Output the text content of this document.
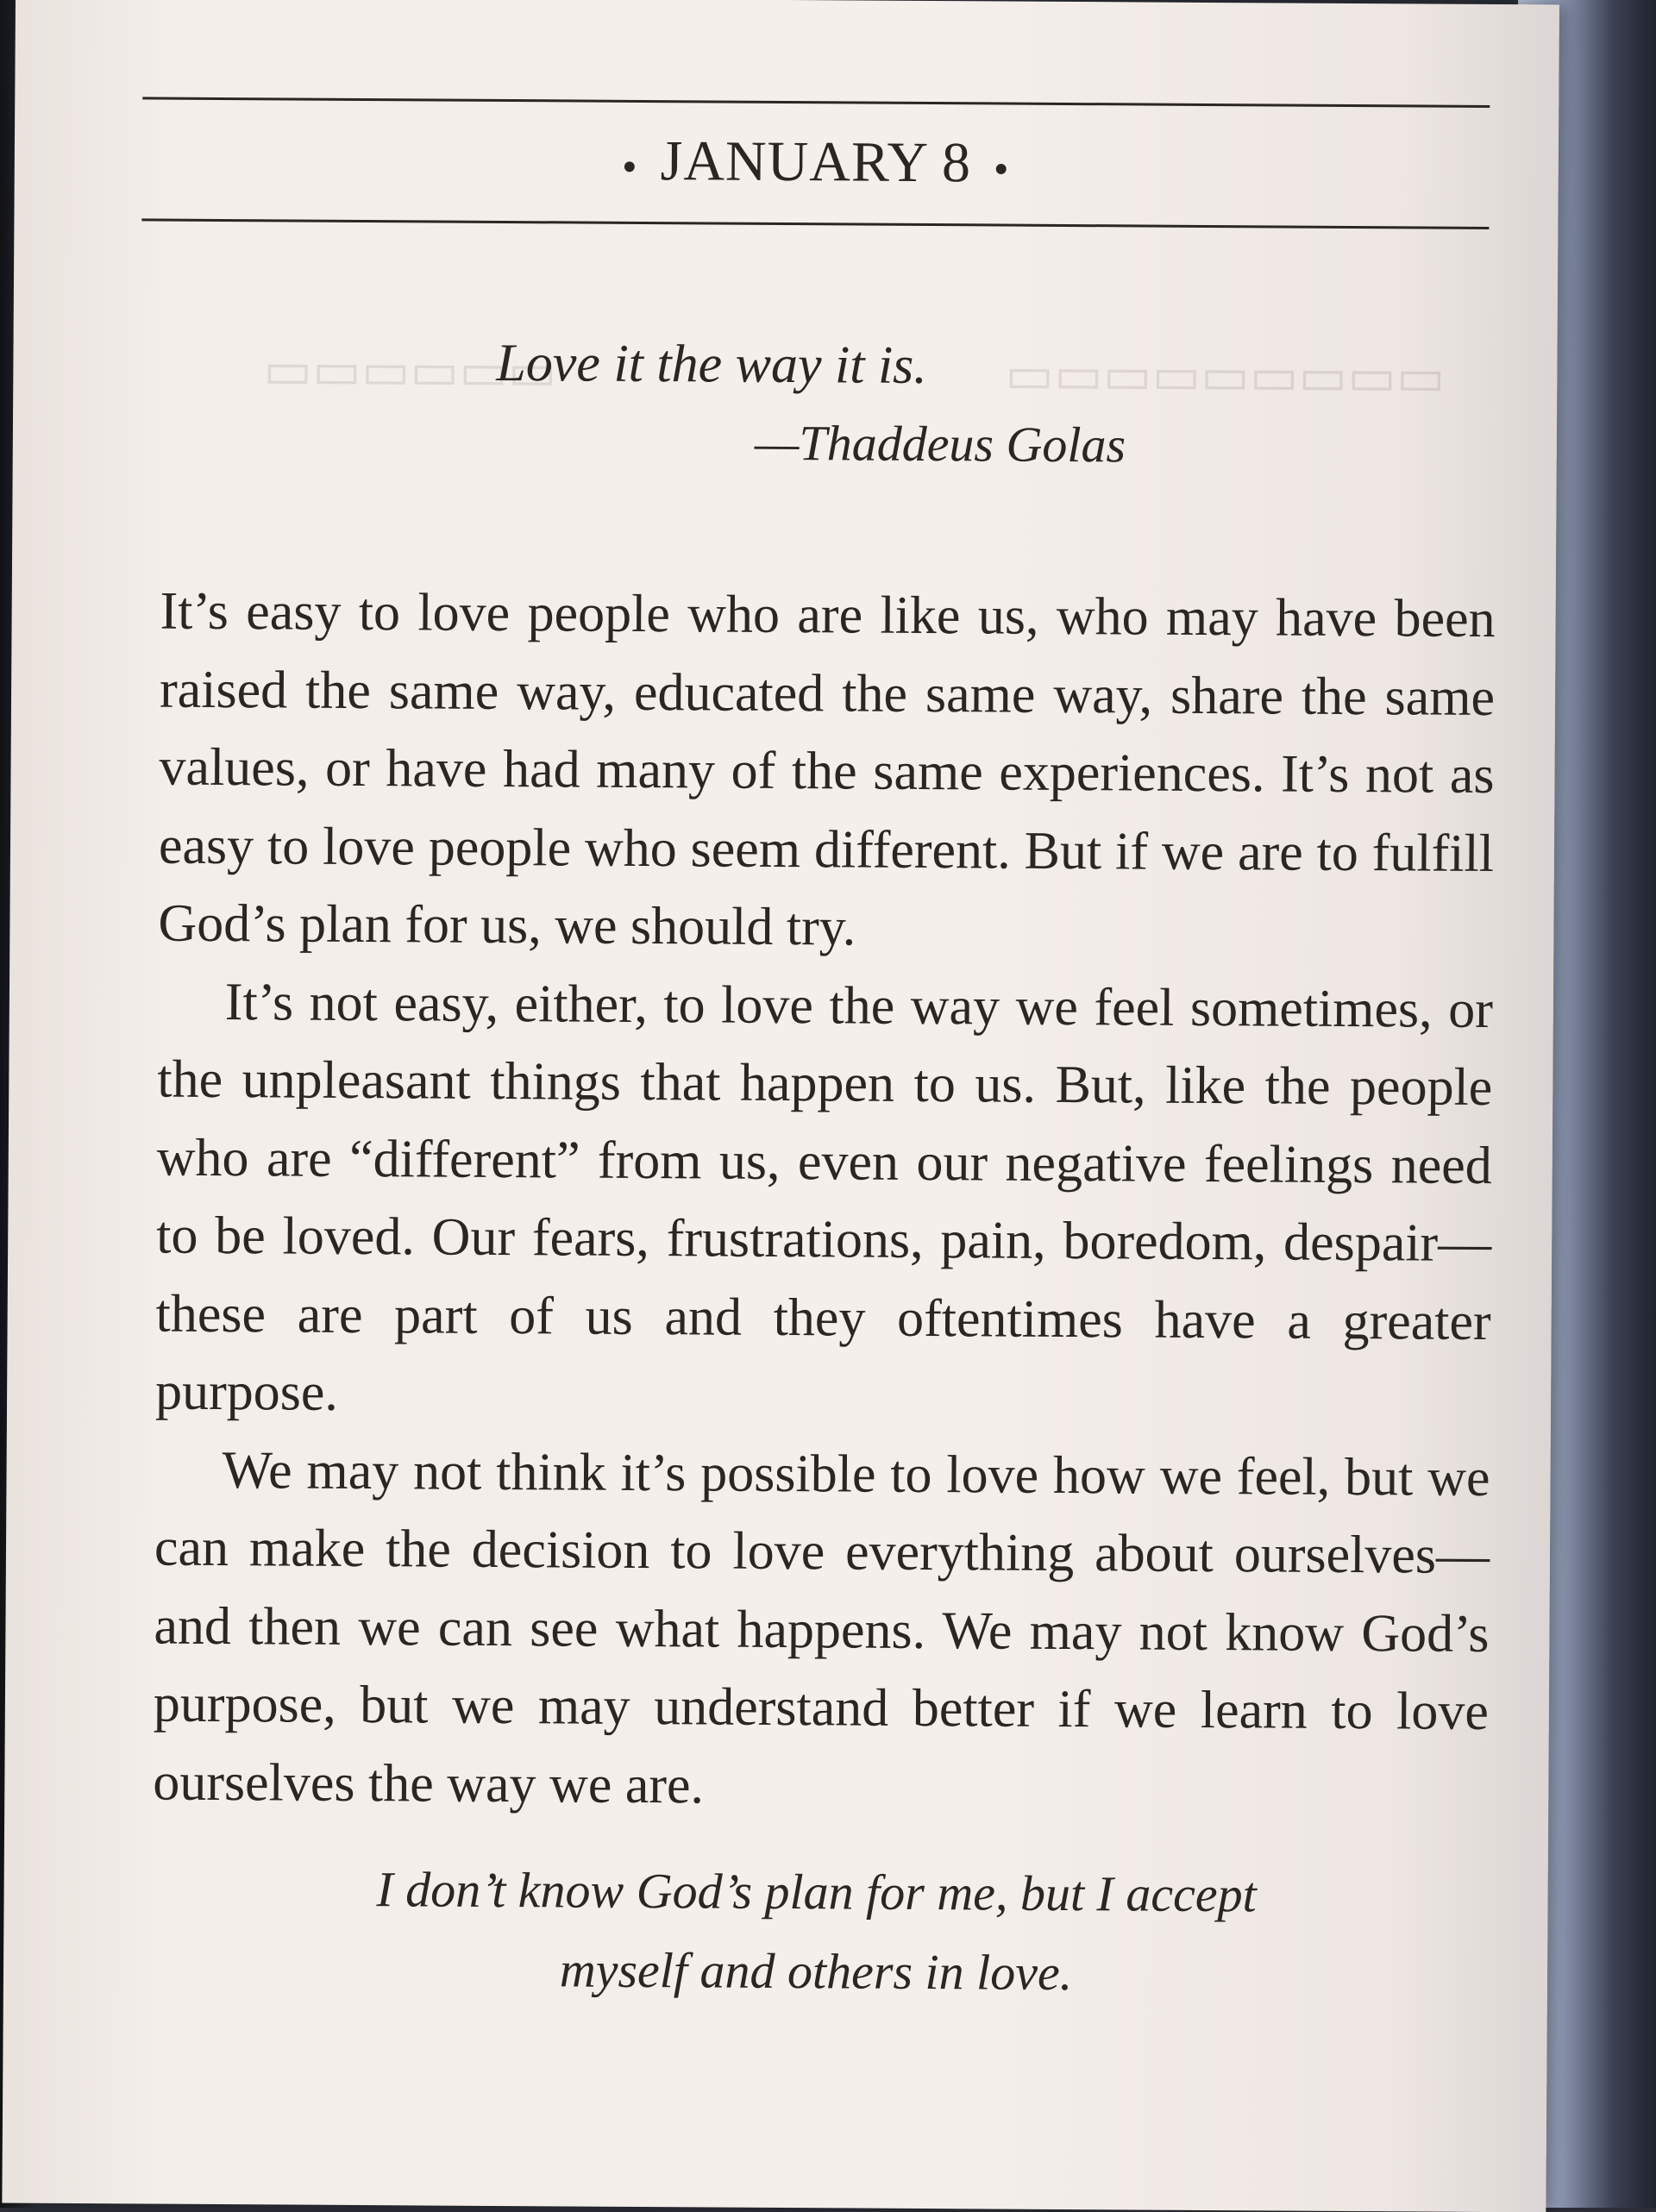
▭▭▭▭▭▭	▭▭▭▭▭▭▭▭▭
• JANUARY 8 •
Love it the way it is.
—Thaddeus Golas

It’s easy to love people who are like us, who may have been raised the same way, educated the same way, share the same values, or have had many of the same experiences. It’s not as easy to love people who seem different. But if we are to fulfill God’s plan for us, we should try.

It’s not easy, either, to love the way we feel sometimes, or the unpleasant things that happen to us. But, like the people who are “different” from us, even our negative feelings need to be loved. Our fears, frustrations, pain, boredom, despair—these are part of us and they oftentimes have a greater purpose.

We may not think it’s possible to love how we feel, but we can make the decision to love everything about ourselves—and then we can see what happens. We may not know God’s purpose, but we may understand better if we learn to love ourselves the way we are.

I don’t know God’s plan for me, but I accept
myself and others in love.
